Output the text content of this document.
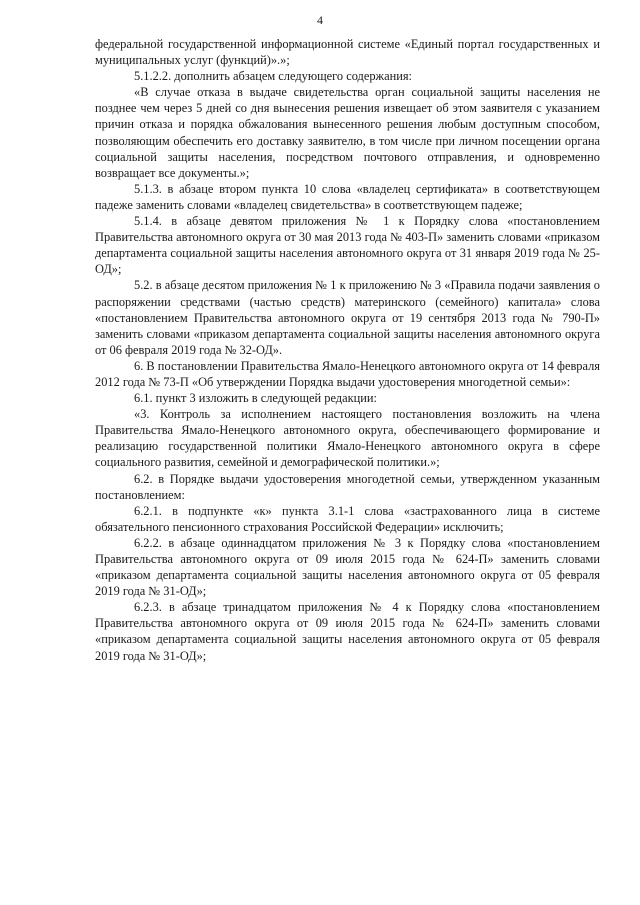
4

федеральной государственной информационной системе «Единый портал государственных и муниципальных услуг (функций)».»;

5.1.2.2. дополнить абзацем следующего содержания:

«В случае отказа в выдаче свидетельства орган социальной защиты населения не позднее чем через 5 дней со дня вынесения решения извещает об этом заявителя с указанием причин отказа и порядка обжалования вынесенного решения любым доступным способом, позволяющим обеспечить его доставку заявителю, в том числе при личном посещении органа социальной защиты населения, посредством почтового отправления, и одновременно возвращает все документы.»;

5.1.3. в абзаце втором пункта 10 слова «владелец сертификата» в соответствующем падеже заменить словами «владелец свидетельства» в соответствующем падеже;

5.1.4. в абзаце девятом приложения № 1 к Порядку слова «постановлением Правительства автономного округа от 30 мая 2013 года № 403-П» заменить словами «приказом департамента социальной защиты населения автономного округа от 31 января 2019 года № 25-ОД»;

5.2. в абзаце десятом приложения № 1 к приложению № 3 «Правила подачи заявления о распоряжении средствами (частью средств) материнского (семейного) капитала» слова «постановлением Правительства автономного округа от 19 сентября 2013 года № 790-П» заменить словами «приказом департамента социальной защиты населения автономного округа от 06 февраля 2019 года № 32-ОД».

6. В постановлении Правительства Ямало-Ненецкого автономного округа от 14 февраля 2012 года № 73-П «Об утверждении Порядка выдачи удостоверения многодетной семьи»:

6.1. пункт 3 изложить в следующей редакции:

«3. Контроль за исполнением настоящего постановления возложить на члена Правительства Ямало-Ненецкого автономного округа, обеспечивающего формирование и реализацию государственной политики Ямало-Ненецкого автономного округа в сфере социального развития, семейной и демографической политики.»;

6.2. в Порядке выдачи удостоверения многодетной семьи, утвержденном указанным постановлением:

6.2.1. в подпункте «к» пункта 3.1-1 слова «застрахованного лица в системе обязательного пенсионного страхования Российской Федерации» исключить;

6.2.2. в абзаце одиннадцатом приложения № 3 к Порядку слова «постановлением Правительства автономного округа от 09 июля 2015 года № 624-П» заменить словами «приказом департамента социальной защиты населения автономного округа от 05 февраля 2019 года № 31-ОД»;

6.2.3. в абзаце тринадцатом приложения № 4 к Порядку слова «постановлением Правительства автономного округа от 09 июля 2015 года № 624-П» заменить словами «приказом департамента социальной защиты населения автономного округа от 05 февраля 2019 года № 31-ОД»;
